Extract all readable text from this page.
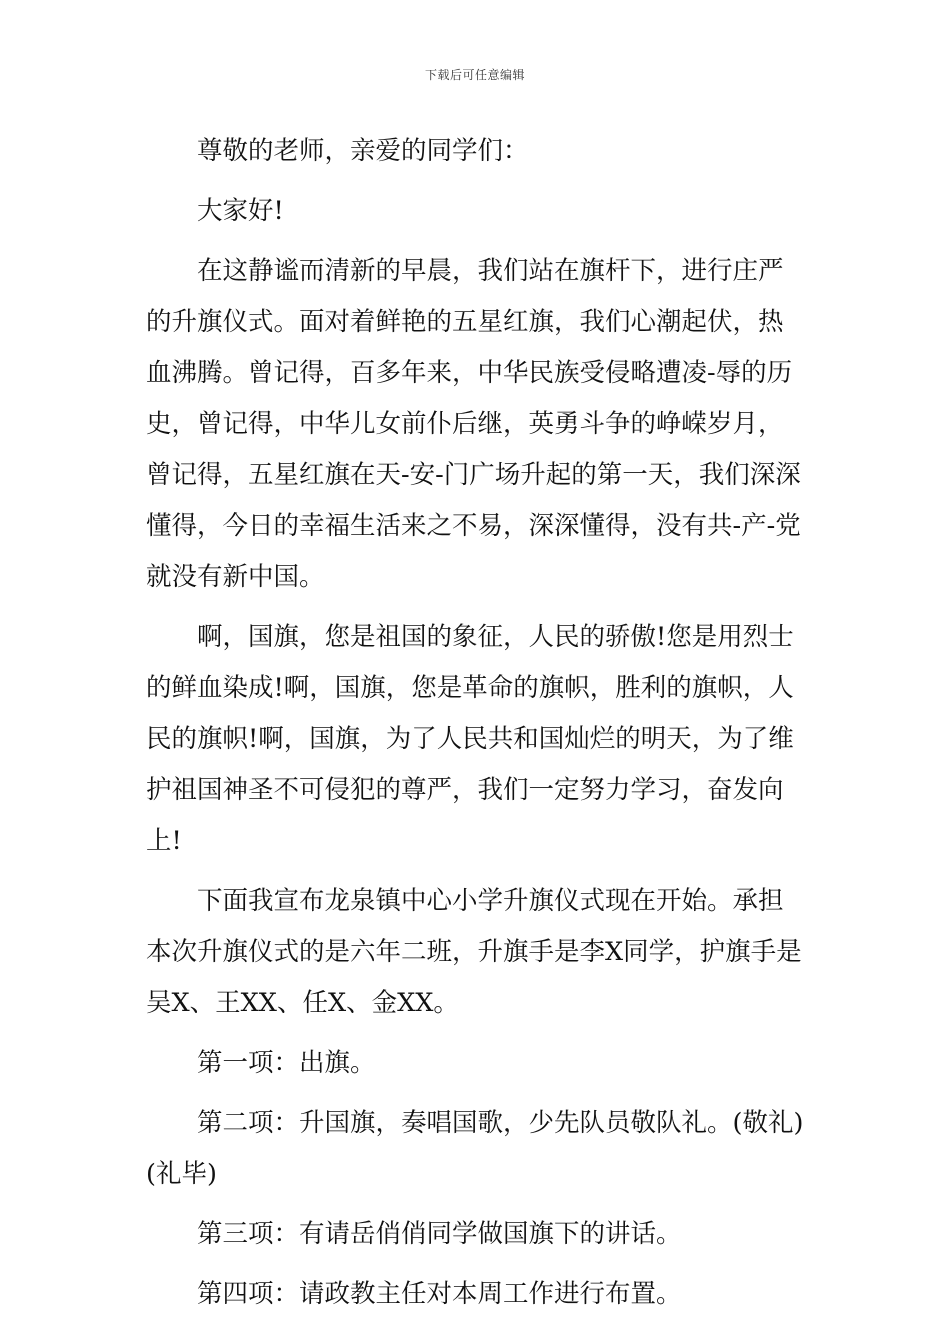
下载后可任意编辑

尊敬的老师，亲爱的同学们：

大家好!

在这静谧而清新的早晨，我们站在旗杆下，进行庄严的升旗仪式。面对着鲜艳的五星红旗，我们心潮起伏，热血沸腾。曾记得，百多年来，中华民族受侵略遭凌-辱的历史，曾记得，中华儿女前仆后继，英勇斗争的峥嵘岁月，曾记得，五星红旗在天-安-门广场升起的第一天，我们深深懂得，今日的幸福生活来之不易，深深懂得，没有共-产-党就没有新中国。

啊，国旗，您是祖国的象征，人民的骄傲!您是用烈士的鲜血染成!啊，国旗，您是革命的旗帜，胜利的旗帜，人民的旗帜!啊，国旗，为了人民共和国灿烂的明天，为了维护祖国神圣不可侵犯的尊严，我们一定努力学习，奋发向上!

下面我宣布龙泉镇中心小学升旗仪式现在开始。承担本次升旗仪式的是六年二班，升旗手是李X同学，护旗手是吴X、王XX、任X、金XX。

第一项：出旗。

第二项：升国旗，奏唱国歌，少先队员敬队礼。(敬礼)(礼毕)

第三项：有请岳俏俏同学做国旗下的讲话。

第四项：请政教主任对本周工作进行布置。
